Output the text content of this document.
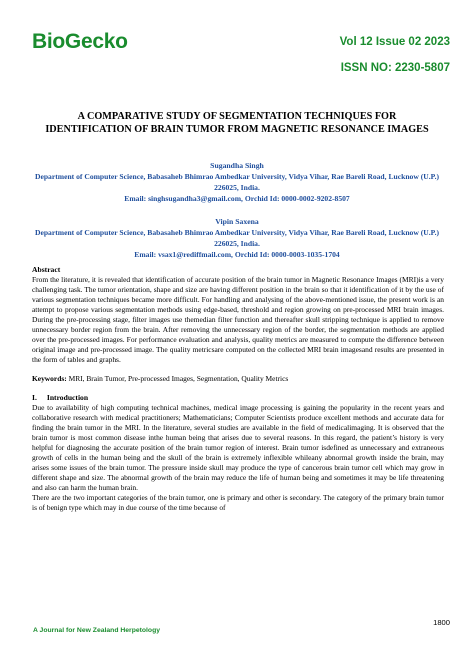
BioGecko	Vol 12 Issue 02 2023
ISSN NO: 2230-5807
A COMPARATIVE STUDY OF SEGMENTATION TECHNIQUES FOR IDENTIFICATION OF BRAIN TUMOR FROM MAGNETIC RESONANCE IMAGES
Sugandha Singh
Department of Computer Science, Babasaheb Bhimrao Ambedkar University, Vidya Vihar, Rae Bareli Road, Lucknow (U.P.) 226025, India.
Email: singhsugandha3@gmail.com, Orchid Id: 0000-0002-9202-8507
Vipin Saxena
Department of Computer Science, Babasaheb Bhimrao Ambedkar University, Vidya Vihar, Rae Bareli Road, Lucknow (U.P.) 226025, India.
Email: vsax1@rediffmail.com, Orchid Id: 0000-0003-1035-1704

Abstract

From the literature, it is revealed that identification of accurate position of the brain tumor in Magnetic Resonance Images (MRI)is a very challenging task. The tumor orientation, shape and size are having different position in the brain so that it identification of it by the use of various segmentation techniques became more difficult. For handling and analysing of the above-mentioned issue, the present work is an attempt to propose various segmentation methods using edge-based, threshold and region growing on pre-processed MRI brain images. During the pre-processing stage, filter images use themedian filter function and thereafter skull stripping technique is applied to remove unnecessary border region from the brain. After removing the unnecessary region of the border, the segmentation methods are applied over the pre-processed images. For performance evaluation and analysis, quality metrics are measured to compute the difference between original image and pre-processed image. The quality metricsare computed on the collected MRI brain imagesand results are presented in the form of tables and graphs.

Keywords: MRI, Brain Tumor, Pre-processed Images, Segmentation, Quality Metrics

I. Introduction

Due to availability of high computing technical machines, medical image processing is gaining the popularity in the recent years and collaborative research with medical practitioners; Mathematicians; Computer Scientists produce excellent methods and accurate data for finding the brain tumor in the MRI. In the literature, several studies are available in the field of medicalimaging. It is observed that the brain tumor is most common disease inthe human being that arises due to several reasons. In this regard, the patient’s history is very helpful for diagnosing the accurate position of the brain tumor region of interest. Brain tumor isdefined as unnecessary and extraneous growth of cells in the human being and the skull of the brain is extremely inflexible whileany abnormal growth inside the brain, may arises some issues of the brain tumor. The pressure inside skull may produce the type of cancerous brain tumor cell which may grow in different shape and size. The abnormal growth of the brain may reduce the life of human being and sometimes it may be life threatening and also can harm the human brain.

There are the two important categories of the brain tumor, one is primary and other is secondary. The category of the primary brain tumor is of benign type which may in due course of the time because of

1800
A Journal for New Zealand Herpetology
